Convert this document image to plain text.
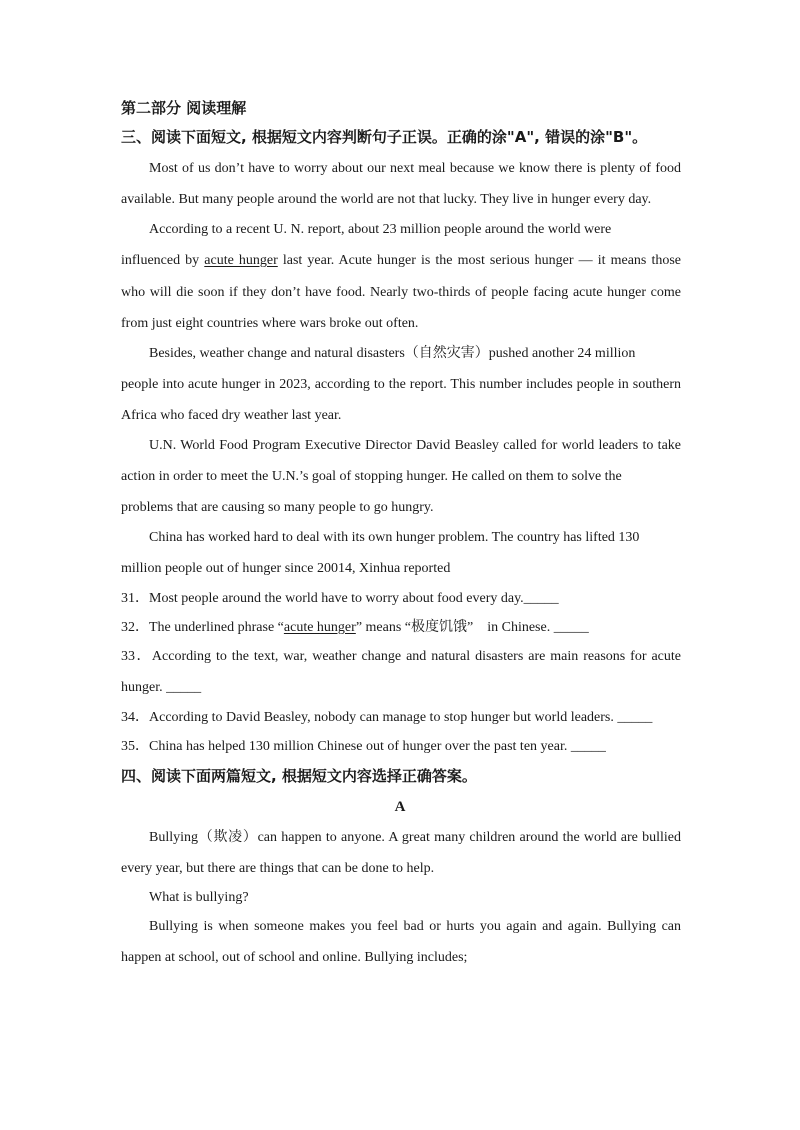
第二部分 阅读理解
三、阅读下面短文, 根据短文内容判断句子正误。正确的涂"A", 错误的涂"B"。
Most of us don’t have to worry about our next meal because we know there is plenty of food
available. But many people around the world are not that lucky. They live in hunger every day.
According to a recent U. N. report, about 23 million people around the world were
influenced by acute hunger last year. Acute hunger is the most serious hunger — it means those
who will die soon if they don’t have food. Nearly two-thirds of people facing acute hunger come
from just eight countries where wars broke out often.
Besides, weather change and natural disasters（自然灾害）pushed another 24 million
people into acute hunger in 2023, according to the report. This number includes people in southern
Africa who faced dry weather last year.
U.N. World Food Program Executive Director David Beasley called for world leaders to take
action in order to meet the U.N.’s goal of stopping hunger. He called on them to solve the
problems that are causing so many people to go hungry.
China has worked hard to deal with its own hunger problem. The country has lifted 130
million people out of hunger since 20014, Xinhua reported
31．Most people around the world have to worry about food every day._____
32．The underlined phrase “acute hunger” means “极度饥饿”　in Chinese. _____
33．According to the text, war, weather change and natural disasters are main reasons for acute
hunger. _____
34．According to David Beasley, nobody can manage to stop hunger but world leaders. _____
35．China has helped 130 million Chinese out of hunger over the past ten year. _____
四、阅读下面两篇短文, 根据短文内容选择正确答案。
A
Bullying（欺凌）can happen to anyone. A great many children around the world are bullied
every year, but there are things that can be done to help.
What is bullying?
Bullying is when someone makes you feel bad or hurts you again and again. Bullying can
happen at school, out of school and online. Bullying includes;
